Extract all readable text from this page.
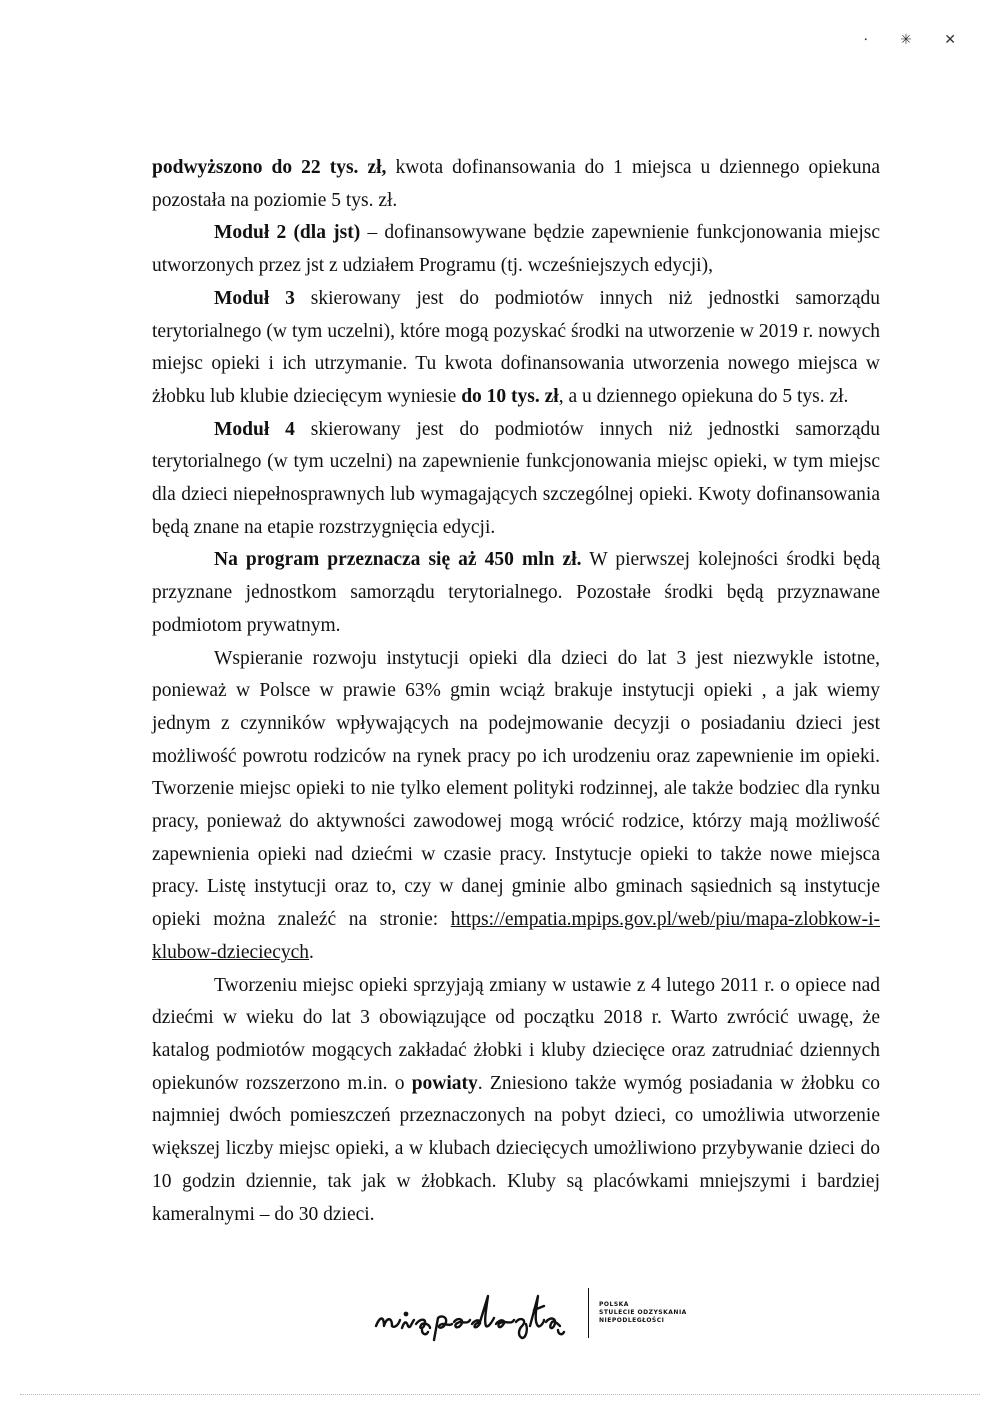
⸱ ✳ ✕

podwyższono do 22 tys. zł, kwota dofinansowania do 1 miejsca u dziennego opiekuna pozostała na poziomie 5 tys. zł.

Moduł 2 (dla jst) – dofinansowywane będzie zapewnienie funkcjonowania miejsc utworzonych przez jst z udziałem Programu (tj. wcześniejszych edycji),

Moduł 3 skierowany jest do podmiotów innych niż jednostki samorządu terytorialnego (w tym uczelni), które mogą pozyskać środki na utworzenie w 2019 r. nowych miejsc opieki i ich utrzymanie. Tu kwota dofinansowania utworzenia nowego miejsca w żłobku lub klubie dziecięcym wyniesie do 10 tys. zł, a u dziennego opiekuna do 5 tys. zł.

Moduł 4 skierowany jest do podmiotów innych niż jednostki samorządu terytorialnego (w tym uczelni) na zapewnienie funkcjonowania miejsc opieki, w tym miejsc dla dzieci niepełnosprawnych lub wymagających szczególnej opieki. Kwoty dofinansowania będą znane na etapie rozstrzygnięcia edycji.

Na program przeznacza się aż 450 mln zł. W pierwszej kolejności środki będą przyznane jednostkom samorządu terytorialnego. Pozostałe środki będą przyznawane podmiotom prywatnym.

Wspieranie rozwoju instytucji opieki dla dzieci do lat 3 jest niezwykle istotne, ponieważ w Polsce w prawie 63% gmin wciąż brakuje instytucji opieki , a jak wiemy jednym z czynników wpływających na podejmowanie decyzji o posiadaniu dzieci jest możliwość powrotu rodziców na rynek pracy po ich urodzeniu oraz zapewnienie im opieki. Tworzenie miejsc opieki to nie tylko element polityki rodzinnej, ale także bodziec dla rynku pracy, ponieważ do aktywności zawodowej mogą wrócić rodzice, którzy mają możliwość zapewnienia opieki nad dziećmi w czasie pracy. Instytucje opieki to także nowe miejsca pracy. Listę instytucji oraz to, czy w danej gminie albo gminach sąsiednich są instytucje opieki można znaleźć na stronie: https://empatia.mpips.gov.pl/web/piu/mapa-zlobkow-i-klubow-dzieciecych.

Tworzeniu miejsc opieki sprzyjają zmiany w ustawie z 4 lutego 2011 r. o opiece nad dziećmi w wieku do lat 3 obowiązujące od początku 2018 r. Warto zwrócić uwagę, że katalog podmiotów mogących zakładać żłobki i kluby dziecięce oraz zatrudniać dziennych opiekunów rozszerzono m.in. o powiaty. Zniesiono także wymóg posiadania w żłobku co najmniej dwóch pomieszczeń przeznaczonych na pobyt dzieci, co umożliwia utworzenie większej liczby miejsc opieki, a w klubach dziecięcych umożliwiono przybywanie dzieci do 10 godzin dziennie, tak jak w żłobkach. Kluby są placówkami mniejszymi i bardziej kameralnymi – do 30 dzieci.

POLSKA
STULECIE ODZYSKANIA
NIEPODLEGŁOŚCI
